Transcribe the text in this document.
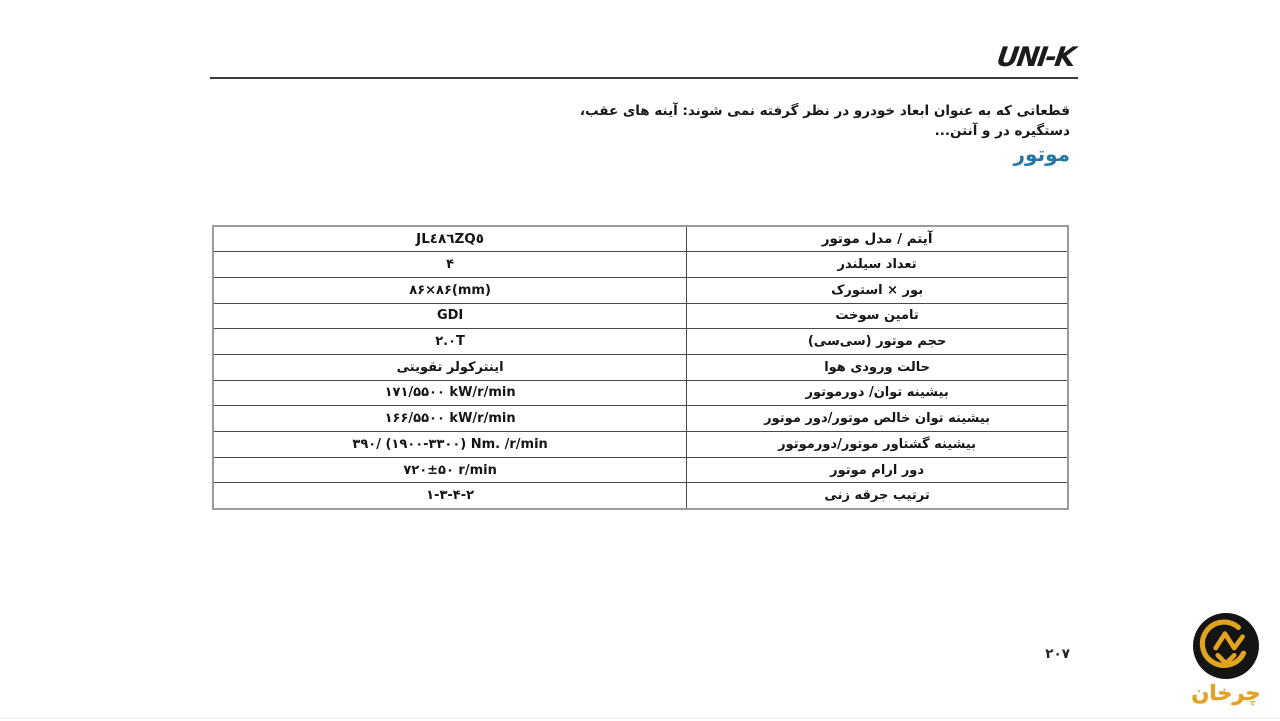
UNI-K
قطعاتی که به عنوان ابعاد خودرو در نظر گرفته نمی شوند: آینه های عقب، دستگیره در و آنتن...
موتور
آیتم / مدل موتور	JL٤٨٦ZQ٥
تعداد سیلندر	۴
بور × استورک	۸۶×۸۶(mm)
تامین سوخت	GDI
حجم موتور (سی‌سی)	۲.۰T
حالت ورودی هوا	اینترکولر تقویتی
بیشینه توان/ دورموتور	۱۷۱/۵۵۰۰ kW/r/min
بیشینه توان خالص موتور/دور موتور	۱۶۶/۵۵۰۰ kW/r/min
بیشینه گشتاور موتور/دورموتور	۳۹۰/ (۱۹۰۰-۳۳۰۰) Nm. /r/min
دور ارام موتور	۷۲۰±۵۰ r/min
ترتیب جرقه زنی	۱-۳-۴-۲
۲۰۷
چرخان
